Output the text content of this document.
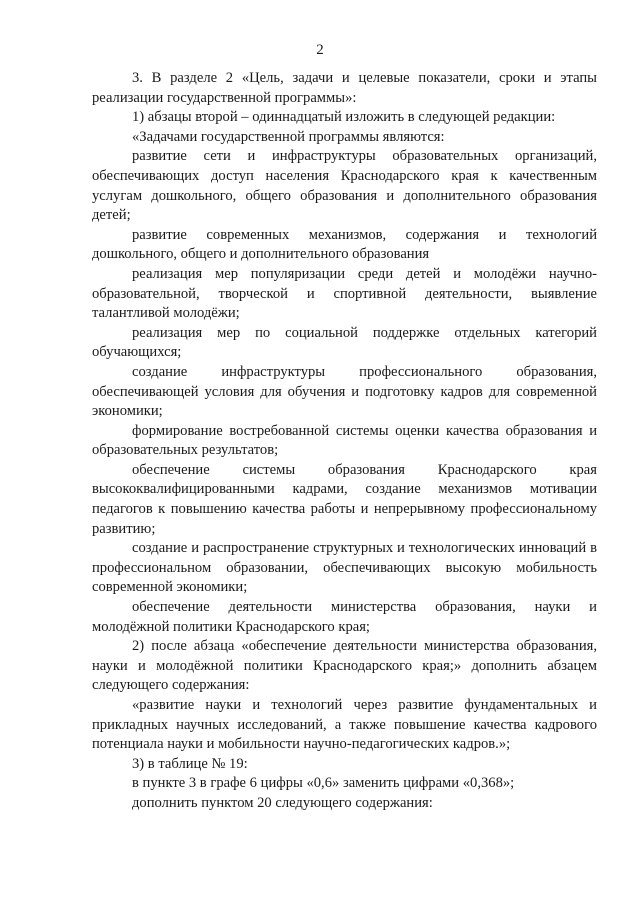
2

3. В разделе 2 «Цель, задачи и целевые показатели, сроки и этапы реализации государственной программы»:

1) абзацы второй – одиннадцатый изложить в следующей редакции:

«Задачами государственной программы являются:

развитие сети и инфраструктуры образовательных организаций, обеспечивающих доступ населения Краснодарского края к качественным услугам дошкольного, общего образования и дополнительного образования детей;

развитие современных механизмов, содержания и технологий дошкольного, общего и дополнительного образования

реализация мер популяризации среди детей и молодёжи научно-образовательной, творческой и спортивной деятельности, выявление талантливой молодёжи;

реализация мер по социальной поддержке отдельных категорий обучающихся;

создание инфраструктуры профессионального образования, обеспечивающей условия для обучения и подготовку кадров для современной экономики;

формирование востребованной системы оценки качества образования и образовательных результатов;

обеспечение системы образования Краснодарского края высококвалифицированными кадрами, создание механизмов мотивации педагогов к повышению качества работы и непрерывному профессиональному развитию;

создание и распространение структурных и технологических инноваций в профессиональном образовании, обеспечивающих высокую мобильность современной экономики;

обеспечение деятельности министерства образования, науки и молодёжной политики Краснодарского края;

2) после абзаца «обеспечение деятельности министерства образования, науки и молодёжной политики Краснодарского края;» дополнить абзацем следующего содержания:

«развитие науки и технологий через развитие фундаментальных и прикладных научных исследований, а также повышение качества кадрового потенциала науки и мобильности научно-педагогических кадров.»;

3) в таблице № 19:

в пункте 3 в графе 6 цифры «0,6» заменить цифрами «0,368»;

дополнить пунктом 20 следующего содержания:
